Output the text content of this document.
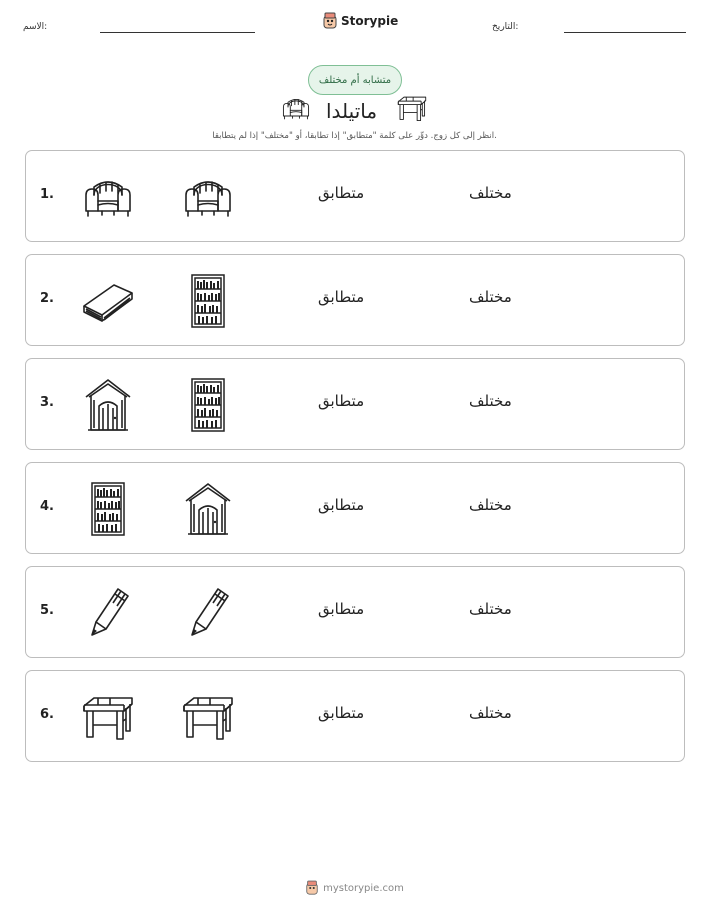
الاسم:	Storypie	التاريخ:
متشابه أم مختلف
ماتيلدا
انظر إلى كل زوج. دوِّر على كلمة "متطابق" إذا تطابقا، أو "مختلف" إذا لم يتطابقا.
1.	متطابق	مختلف
2.	متطابق	مختلف
3.	متطابق	مختلف
4.	متطابق	مختلف
5.	متطابق	مختلف
6.	متطابق	مختلف
mystorypie.com
